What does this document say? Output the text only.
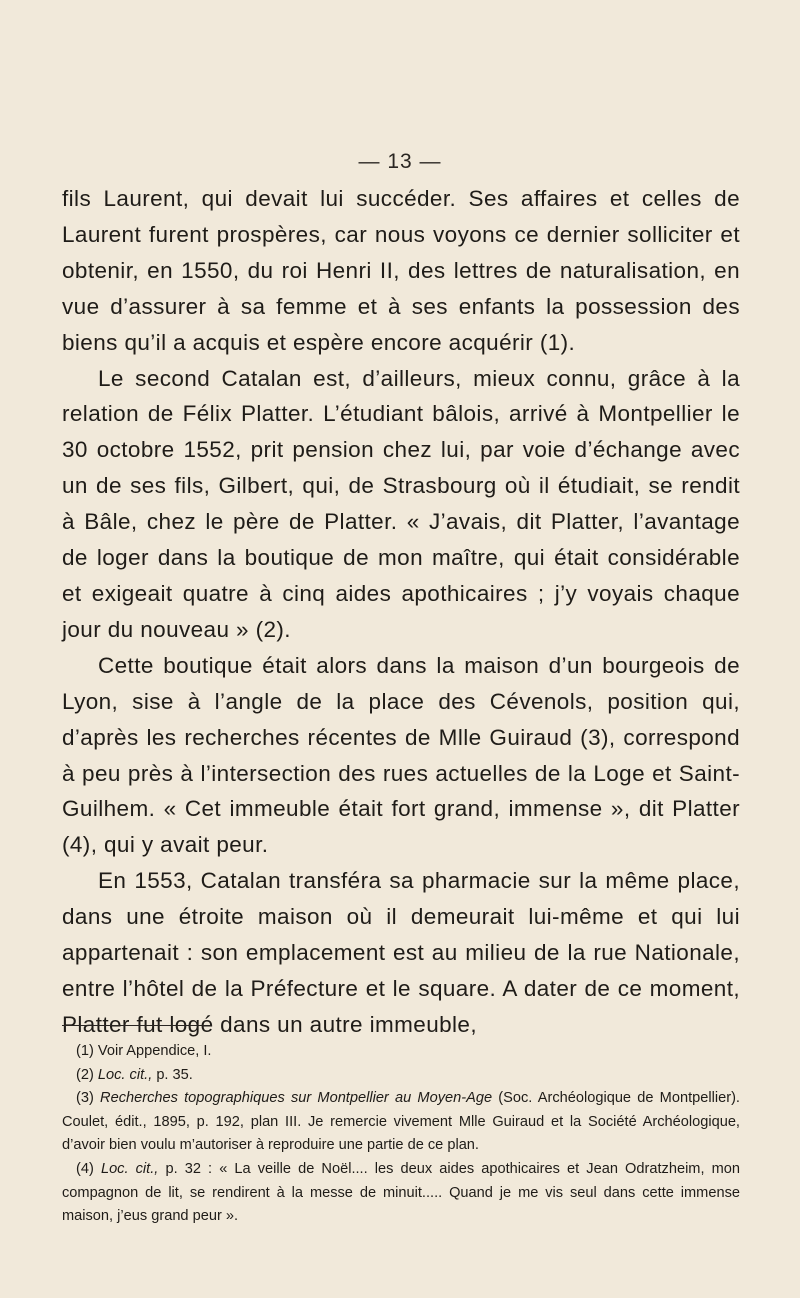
— 13 —

fils Laurent, qui devait lui succéder. Ses affaires et celles de Laurent furent prospères, car nous voyons ce dernier solliciter et obtenir, en 1550, du roi Henri II, des lettres de naturalisation, en vue d’assurer à sa femme et à ses enfants la possession des biens qu’il a acquis et espère encore acquérir (1).

Le second Catalan est, d’ailleurs, mieux connu, grâce à la relation de Félix Platter. L’étudiant bâlois, arrivé à Montpellier le 30 octobre 1552, prit pension chez lui, par voie d’échange avec un de ses fils, Gilbert, qui, de Strasbourg où il étudiait, se rendit à Bâle, chez le père de Platter. « J’avais, dit Platter, l’avantage de loger dans la boutique de mon maître, qui était considérable et exigeait quatre à cinq aides apothicaires ; j’y voyais chaque jour du nouveau » (2).

Cette boutique était alors dans la maison d’un bourgeois de Lyon, sise à l’angle de la place des Cévenols, position qui, d’après les recherches récentes de Mlle Guiraud (3), correspond à peu près à l’intersection des rues actuelles de la Loge et Saint-Guilhem. « Cet immeuble était fort grand, immense », dit Platter (4), qui y avait peur.

En 1553, Catalan transféra sa pharmacie sur la même place, dans une étroite maison où il demeurait lui-même et qui lui appartenait : son emplacement est au milieu de la rue Nationale, entre l’hôtel de la Préfecture et le square. A dater de ce moment, Platter fut logé dans un autre immeuble,

(1) Voir Appendice, I.

(2) Loc. cit., p. 35.

(3) Recherches topographiques sur Montpellier au Moyen-Age (Soc. Archéologique de Montpellier). Coulet, édit., 1895, p. 192, plan III. Je remercie vivement Mlle Guiraud et la Société Archéologique, d’avoir bien voulu m’autoriser à reproduire une partie de ce plan.

(4) Loc. cit., p. 32 : « La veille de Noël.... les deux aides apothicaires et Jean Odratzheim, mon compagnon de lit, se rendirent à la messe de minuit..... Quand je me vis seul dans cette immense maison, j’eus grand peur ».
